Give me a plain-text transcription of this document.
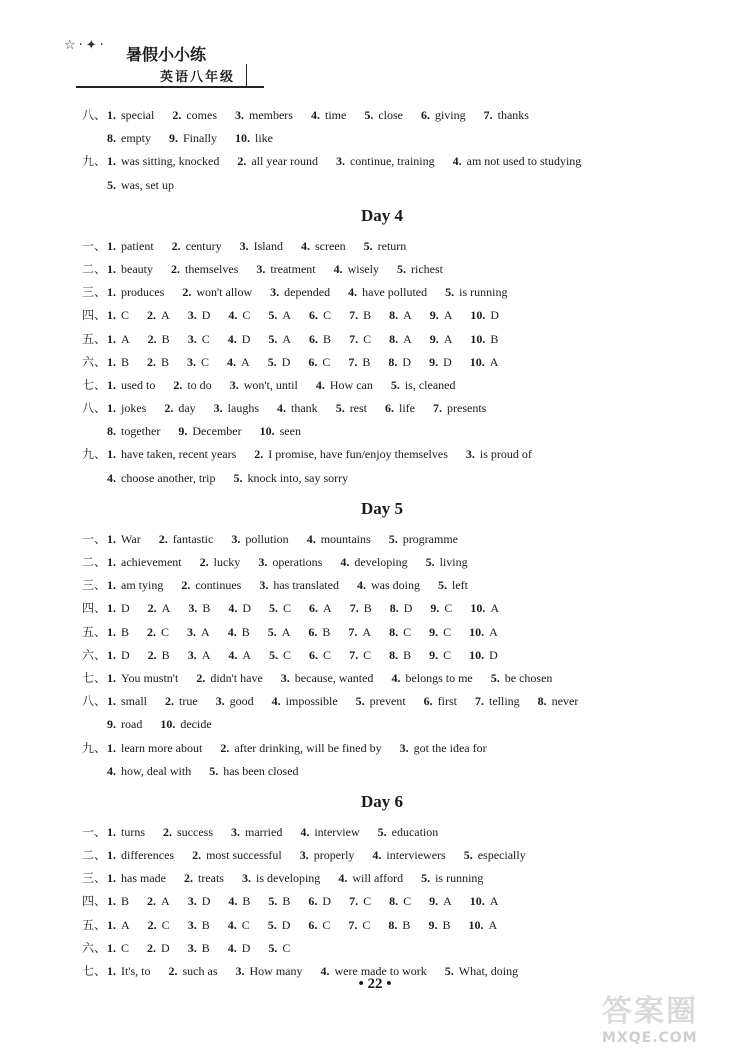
☆·✦· 暑假小小练
英语八年级
八、1. special 2. comes 3. members 4. time 5. close 6. giving 7. thanks
8. empty 9. Finally 10. like
九、1. was sitting, knocked 2. all year round 3. continue, training 4. am not used to studying
5. was, set up
Day 4
一、1. patient 2. century 3. Island 4. screen 5. return
二、1. beauty 2. themselves 3. treatment 4. wisely 5. richest
三、1. produces 2. won't allow 3. depended 4. have polluted 5. is running
四、1. C 2. A 3. D 4. C 5. A 6. C 7. B 8. A 9. A 10. D
五、1. A 2. B 3. C 4. D 5. A 6. B 7. C 8. A 9. A 10. B
六、1. B 2. B 3. C 4. A 5. D 6. C 7. B 8. D 9. D 10. A
七、1. used to 2. to do 3. won't, until 4. How can 5. is, cleaned
八、1. jokes 2. day 3. laughs 4. thank 5. rest 6. life 7. presents
8. together 9. December 10. seen
九、1. have taken, recent years 2. I promise, have fun/enjoy themselves 3. is proud of
4. choose another, trip 5. knock into, say sorry
Day 5
一、1. War 2. fantastic 3. pollution 4. mountains 5. programme
二、1. achievement 2. lucky 3. operations 4. developing 5. living
三、1. am tying 2. continues 3. has translated 4. was doing 5. left
四、1. D 2. A 3. B 4. D 5. C 6. A 7. B 8. D 9. C 10. A
五、1. B 2. C 3. A 4. B 5. A 6. B 7. A 8. C 9. C 10. A
六、1. D 2. B 3. A 4. A 5. C 6. C 7. C 8. B 9. C 10. D
七、1. You mustn't 2. didn't have 3. because, wanted 4. belongs to me 5. be chosen
八、1. small 2. true 3. good 4. impossible 5. prevent 6. first 7. telling 8. never
9. road 10. decide
九、1. learn more about 2. after drinking, will be fined by 3. got the idea for
4. how, deal with 5. has been closed
Day 6
一、1. turns 2. success 3. married 4. interview 5. education
二、1. differences 2. most successful 3. properly 4. interviewers 5. especially
三、1. has made 2. treats 3. is developing 4. will afford 5. is running
四、1. B 2. A 3. D 4. B 5. B 6. D 7. C 8. C 9. A 10. A
五、1. A 2. C 3. B 4. C 5. D 6. C 7. C 8. B 9. B 10. A
六、1. C 2. D 3. B 4. D 5. C
七、1. It's, to 2. such as 3. How many 4. were made to work 5. What, doing
• 22 •
答案圈
MXQE.COM
